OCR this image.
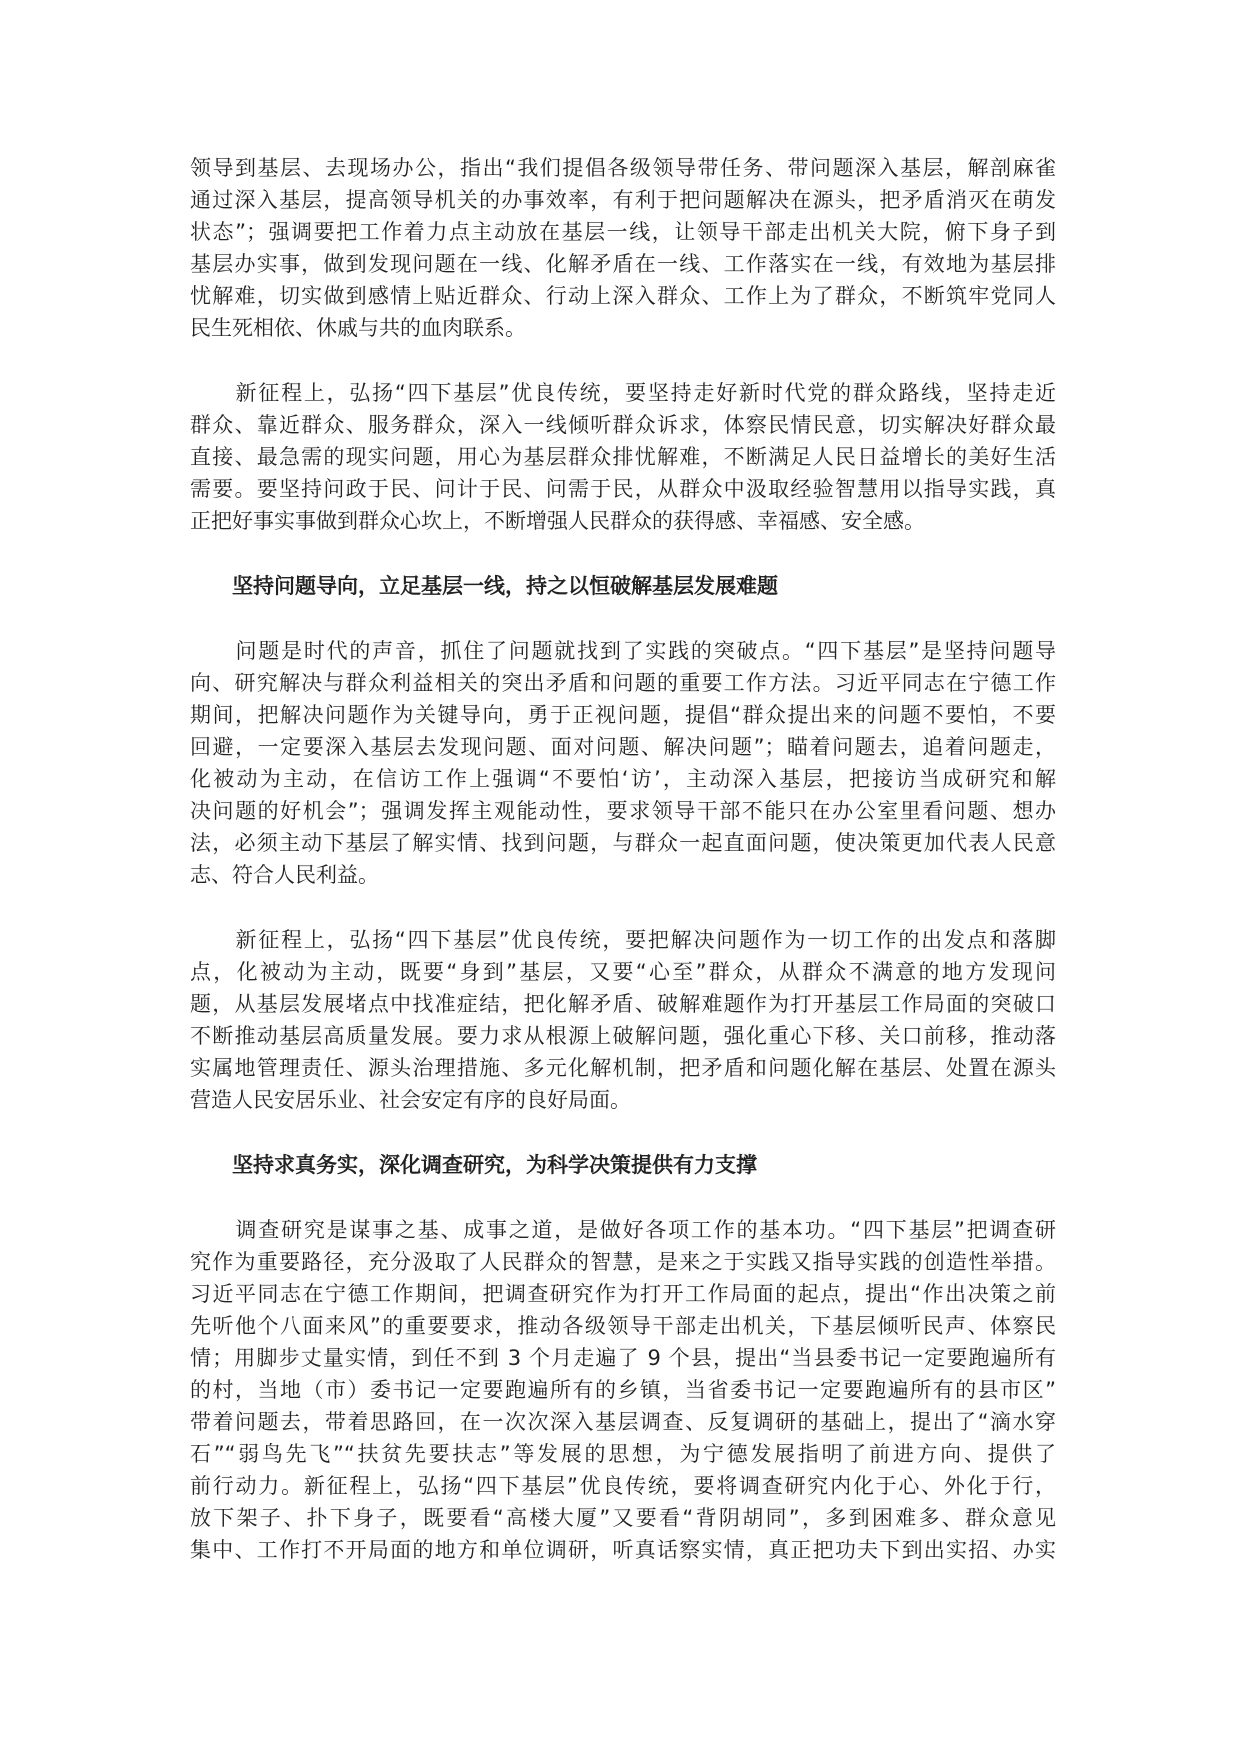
领导到基层、去现场办公，指出“我们提倡各级领导带任务、带问题深入基层，解剖麻雀
通过深入基层，提高领导机关的办事效率，有利于把问题解决在源头，把矛盾消灭在萌发
状态”；强调要把工作着力点主动放在基层一线，让领导干部走出机关大院，俯下身子到
基层办实事，做到发现问题在一线、化解矛盾在一线、工作落实在一线，有效地为基层排
忧解难，切实做到感情上贴近群众、行动上深入群众、工作上为了群众，不断筑牢党同人
民生死相依、休戚与共的血肉联系。
　　新征程上，弘扬“四下基层”优良传统，要坚持走好新时代党的群众路线，坚持走近
群众、靠近群众、服务群众，深入一线倾听群众诉求，体察民情民意，切实解决好群众最
直接、最急需的现实问题，用心为基层群众排忧解难，不断满足人民日益增长的美好生活
需要。要坚持问政于民、问计于民、问需于民，从群众中汲取经验智慧用以指导实践，真
正把好事实事做到群众心坎上，不断增强人民群众的获得感、幸福感、安全感。
坚持问题导向，立足基层一线，持之以恒破解基层发展难题
　　问题是时代的声音，抓住了问题就找到了实践的突破点。“四下基层”是坚持问题导
向、研究解决与群众利益相关的突出矛盾和问题的重要工作方法。习近平同志在宁德工作
期间，把解决问题作为关键导向，勇于正视问题，提倡“群众提出来的问题不要怕，不要
回避，一定要深入基层去发现问题、面对问题、解决问题”；瞄着问题去，追着问题走，
化被动为主动，在信访工作上强调“不要怕‘访’，主动深入基层，把接访当成研究和解
决问题的好机会”；强调发挥主观能动性，要求领导干部不能只在办公室里看问题、想办
法，必须主动下基层了解实情、找到问题，与群众一起直面问题，使决策更加代表人民意
志、符合人民利益。
　　新征程上，弘扬“四下基层”优良传统，要把解决问题作为一切工作的出发点和落脚
点，化被动为主动，既要“身到”基层，又要“心至”群众，从群众不满意的地方发现问
题，从基层发展堵点中找准症结，把化解矛盾、破解难题作为打开基层工作局面的突破口
不断推动基层高质量发展。要力求从根源上破解问题，强化重心下移、关口前移，推动落
实属地管理责任、源头治理措施、多元化解机制，把矛盾和问题化解在基层、处置在源头
营造人民安居乐业、社会安定有序的良好局面。
坚持求真务实，深化调查研究，为科学决策提供有力支撑
　　调查研究是谋事之基、成事之道，是做好各项工作的基本功。“四下基层”把调查研
究作为重要路径，充分汲取了人民群众的智慧，是来之于实践又指导实践的创造性举措。
习近平同志在宁德工作期间，把调查研究作为打开工作局面的起点，提出“作出决策之前
先听他个八面来风”的重要要求，推动各级领导干部走出机关，下基层倾听民声、体察民
情；用脚步丈量实情，到任不到 3 个月走遍了 9 个县，提出“当县委书记一定要跑遍所有
的村，当地（市）委书记一定要跑遍所有的乡镇，当省委书记一定要跑遍所有的县市区”
带着问题去，带着思路回，在一次次深入基层调查、反复调研的基础上，提出了“滴水穿
石”“弱鸟先飞”“扶贫先要扶志”等发展的思想，为宁德发展指明了前进方向、提供了
前行动力。新征程上，弘扬“四下基层”优良传统，要将调查研究内化于心、外化于行，
放下架子、扑下身子，既要看“高楼大厦”又要看“背阴胡同”，多到困难多、群众意见
集中、工作打不开局面的地方和单位调研，听真话察实情，真正把功夫下到出实招、办实
